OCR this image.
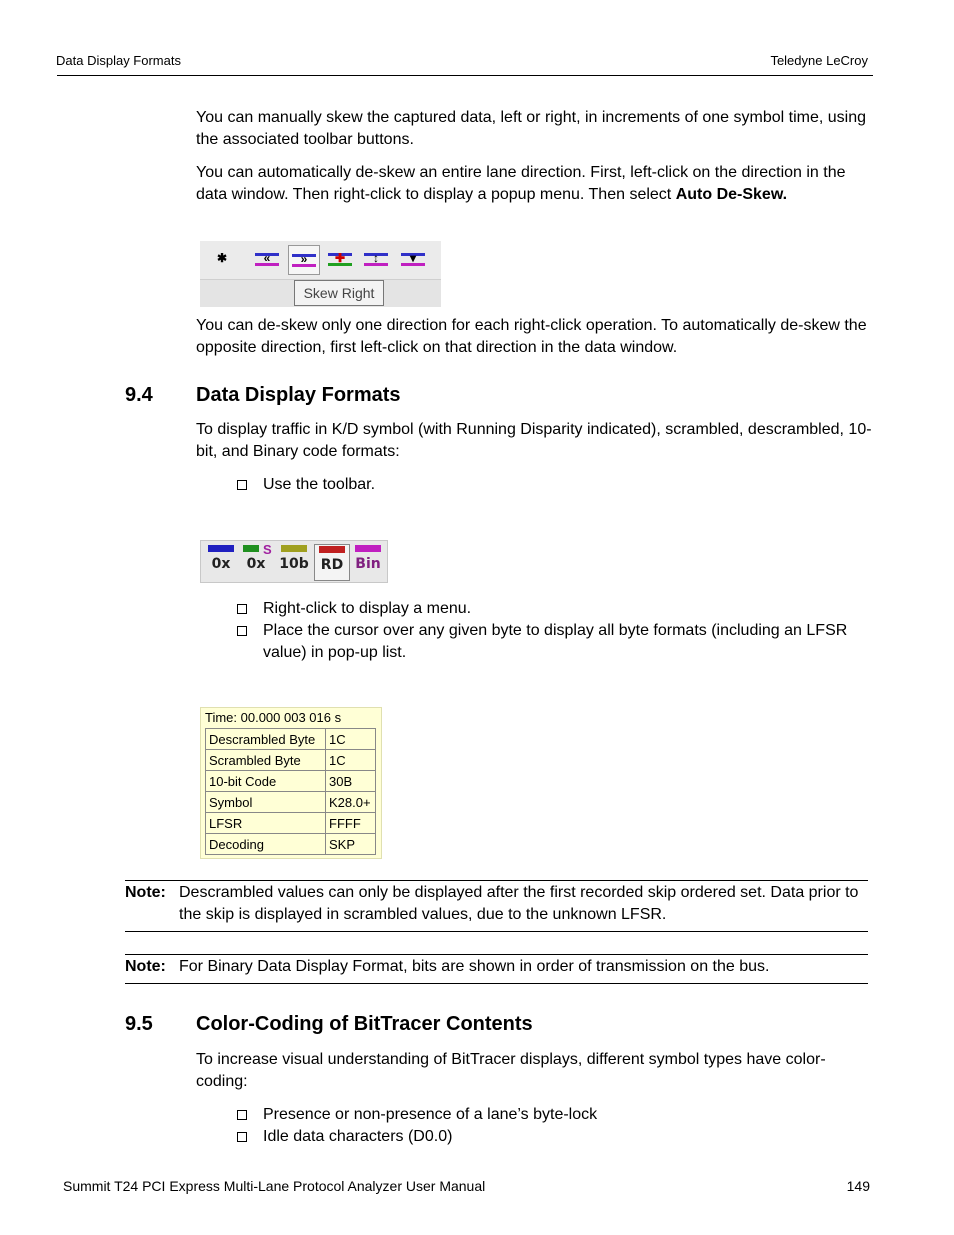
Data Display Formats	Teledyne LeCroy
You can manually skew the captured data, left or right, in increments of one symbol time, using the associated toolbar buttons.
You can automatically de-skew an entire lane direction. First, left-click on the direction in the data window. Then right-click to display a popup menu. Then select Auto De-Skew.
✱	«	»	✚	↕	▾
Skew Right
You can de-skew only one direction for each right-click operation. To automatically de-skew the opposite direction, first left-click on that direction in the data window.
9.4 Data Display Formats
To display traffic in K/D symbol (with Running Disparity indicated), scrambled, descrambled, 10-bit, and Binary code formats:
Use the toolbar.
0x
S
0x 10b RD Bin
Right-click to display a menu.
Place the cursor over any given byte to display all byte formats (including an LFSR value) in pop-up list.
Time: 00.000 003 016 s
Descrambled Byte	1C
Scrambled Byte	1C
10-bit Code	30B
Symbol	K28.0+
LFSR	FFFF
Decoding	SKP
Note: Descrambled values can only be displayed after the first recorded skip ordered set. Data prior to the skip is displayed in scrambled values, due to the unknown LFSR.
Note: For Binary Data Display Format, bits are shown in order of transmission on the bus.
9.5 Color-Coding of BitTracer Contents
To increase visual understanding of BitTracer displays, different symbol types have color-coding:
Presence or non-presence of a lane’s byte-lock
Idle data characters (D0.0)
Summit T24 PCI Express Multi-Lane Protocol Analyzer User Manual	149
